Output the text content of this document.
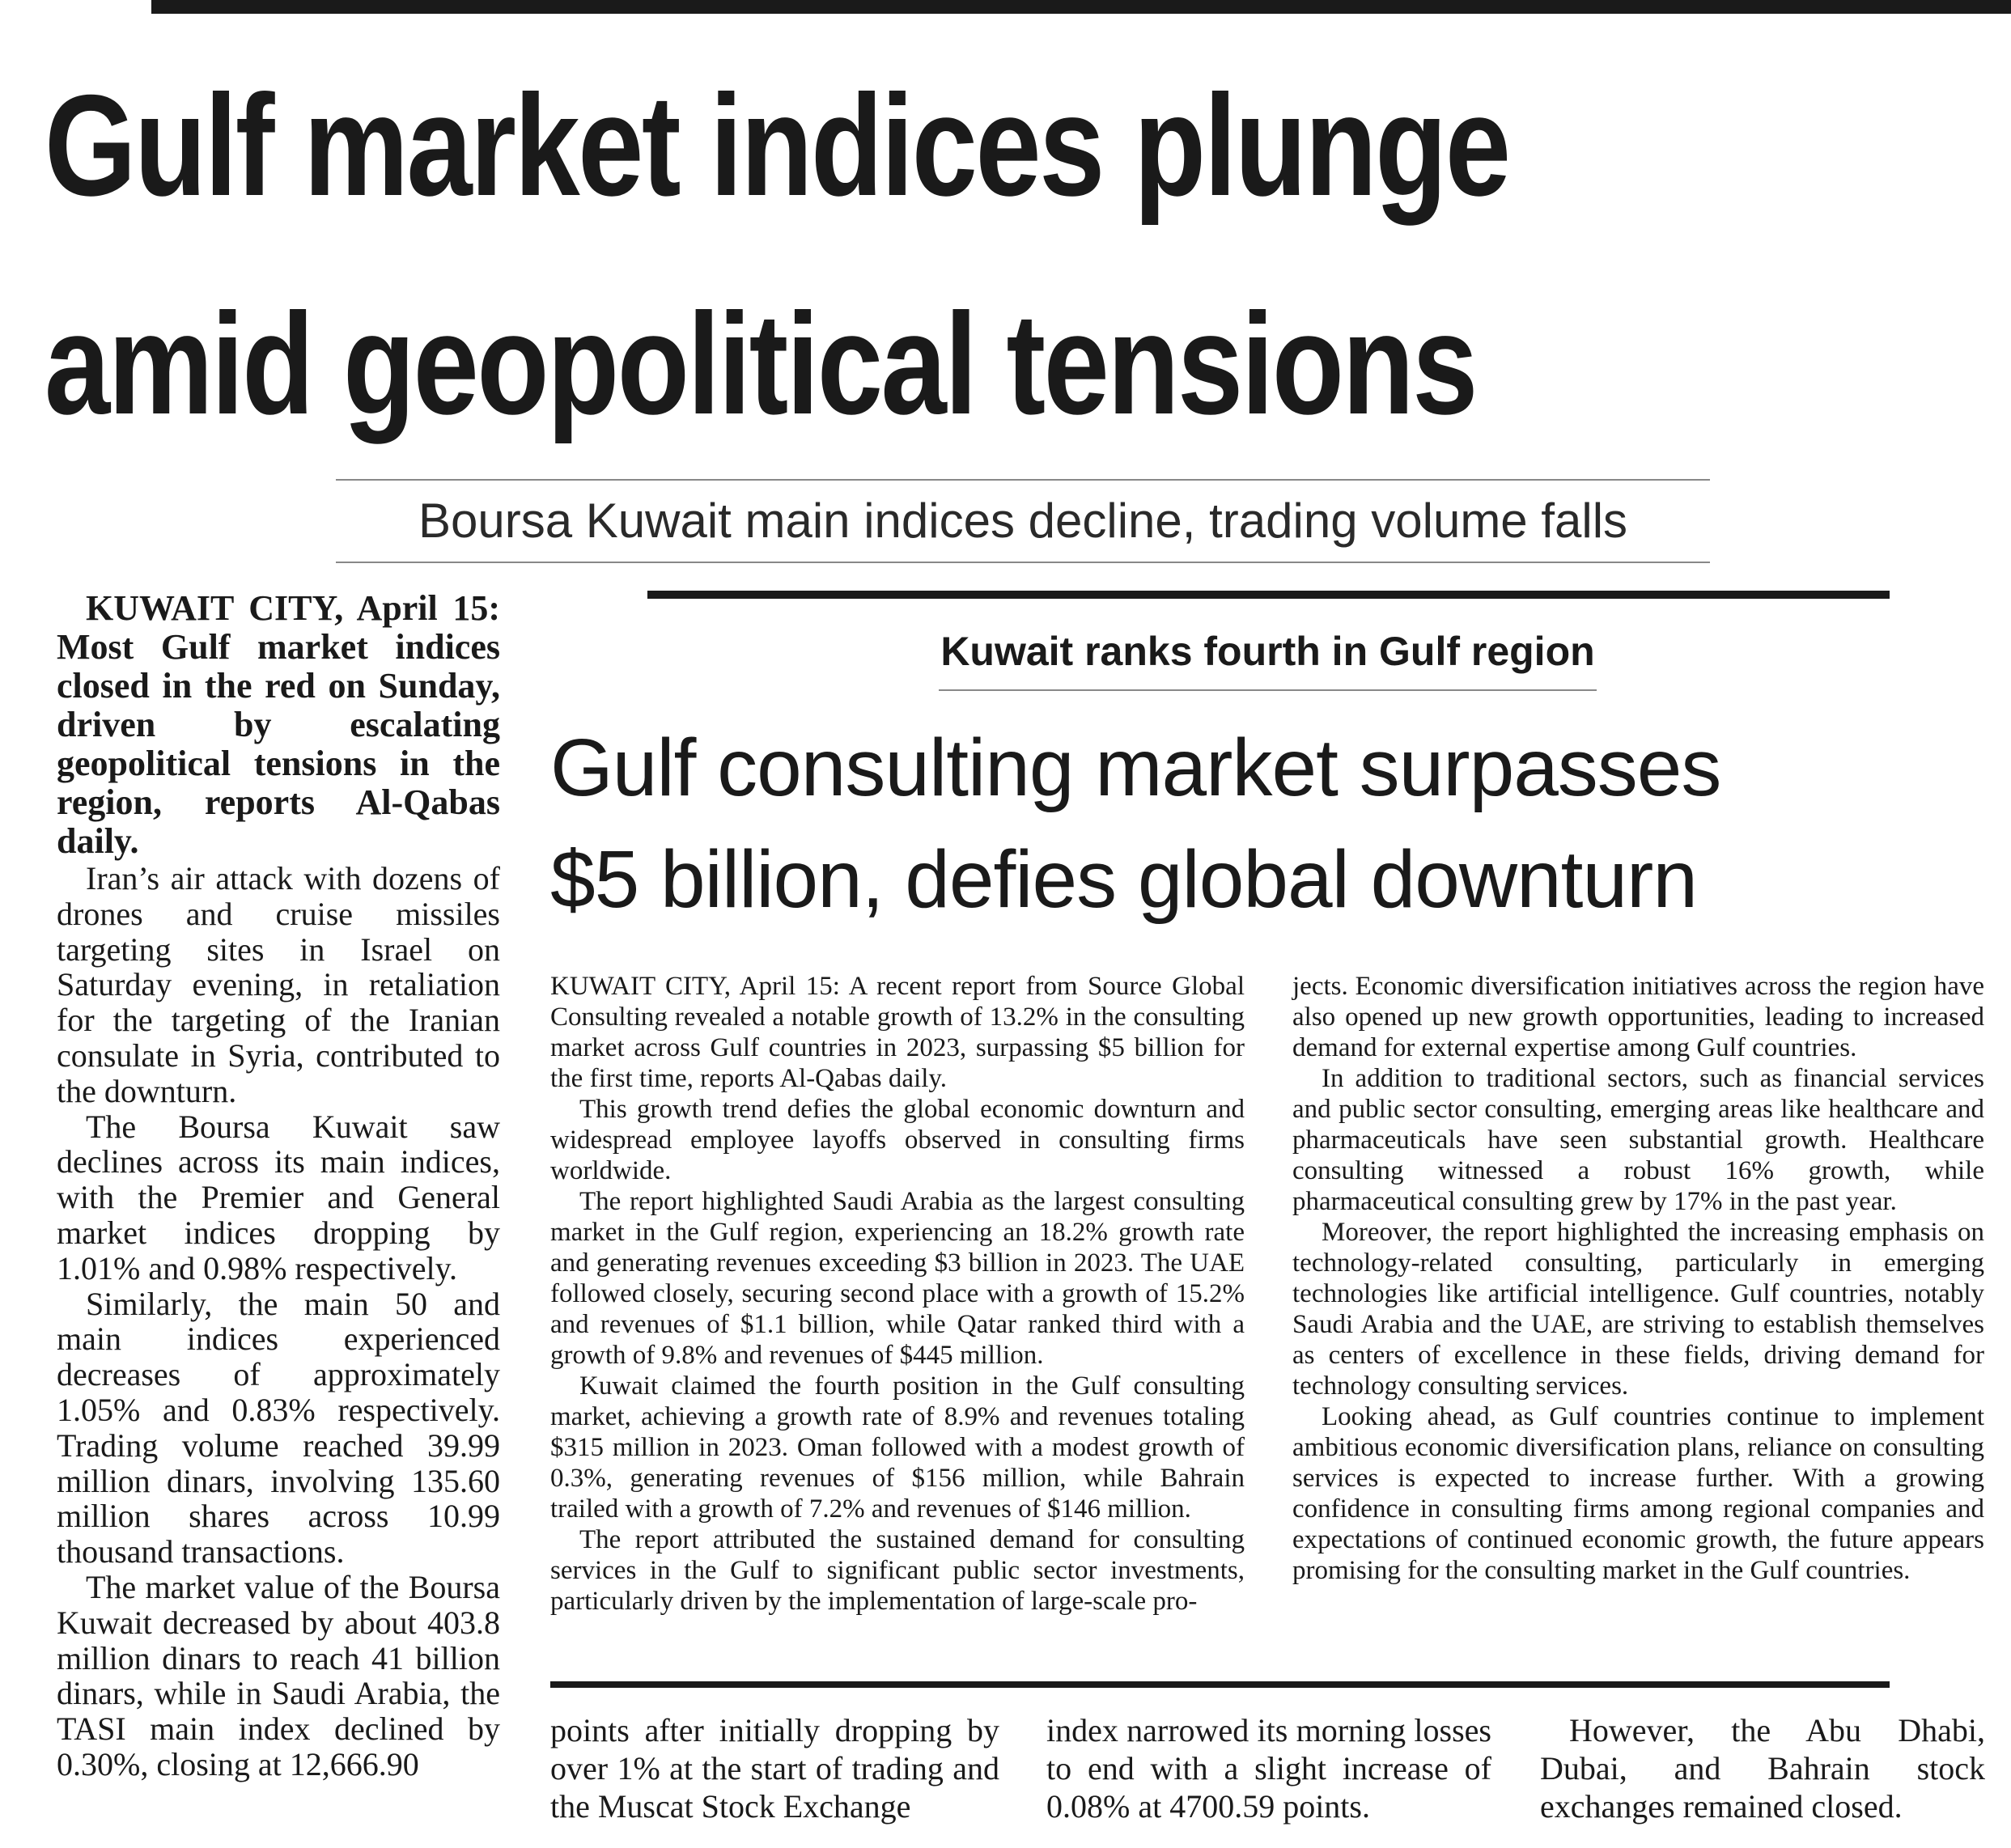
Gulf market indices plunge
amid geopolitical tensions
Boursa Kuwait main indices decline, trading volume falls

KUWAIT CITY, April 15: Most Gulf market indices closed in the red on Sunday, driven by escalating geopolitical tensions in the region, reports Al-Qabas daily.

Iran’s air attack with dozens of drones and cruise missiles targeting sites in Israel on Saturday evening, in retaliation for the targeting of the Iranian consulate in Syria, contributed to the downturn.

The Boursa Kuwait saw declines across its main indices, with the Premier and General market indices dropping by 1.01% and 0.98% respectively.

Similarly, the main 50 and main indices experienced decreases of approximately 1.05% and 0.83% respectively. Trading volume reached 39.99 million dinars, involving 135.60 million shares across 10.99 thousand transactions.

The market value of the Boursa Kuwait decreased by about 403.8 million dinars to reach 41 billion dinars, while in Saudi Arabia, the TASI main index declined by 0.30%, closing at 12,666.90

Kuwait ranks fourth in Gulf region
Gulf consulting market surpasses
$5 billion, defies global downturn

KUWAIT CITY, April 15: A recent report from Source Global Consulting revealed a notable growth of 13.2% in the consulting market across Gulf countries in 2023, surpassing $5 billion for the first time, reports Al-Qabas daily.

This growth trend defies the global economic downturn and widespread employee layoffs observed in consulting firms worldwide.

The report highlighted Saudi Arabia as the largest consulting market in the Gulf region, experiencing an 18.2% growth rate and generating revenues exceeding $3 billion in 2023. The UAE followed closely, securing second place with a growth of 15.2% and revenues of $1.1 billion, while Qatar ranked third with a growth of 9.8% and revenues of $445 million.

Kuwait claimed the fourth position in the Gulf consulting market, achieving a growth rate of 8.9% and revenues totaling $315 million in 2023. Oman followed with a modest growth of 0.3%, generating revenues of $156 million, while Bahrain trailed with a growth of 7.2% and revenues of $146 million.

The report attributed the sustained demand for consulting services in the Gulf to significant public sector investments, particularly driven by the implementation of large-scale pro-

jects. Economic diversification initiatives across the region have also opened up new growth opportunities, leading to increased demand for external expertise among Gulf countries.

In addition to traditional sectors, such as financial services and public sector consulting, emerging areas like healthcare and pharmaceuticals have seen substantial growth. Healthcare consulting witnessed a robust 16% growth, while pharmaceutical consulting grew by 17% in the past year.

Moreover, the report highlighted the increasing emphasis on technology-related consulting, particularly in emerging technologies like artificial intelligence. Gulf countries, notably Saudi Arabia and the UAE, are striving to establish themselves as centers of excellence in these fields, driving demand for technology consulting services.

Looking ahead, as Gulf countries continue to implement ambitious economic diversification plans, reliance on consulting services is expected to increase further. With a growing confidence in consulting firms among regional companies and expectations of continued economic growth, the future appears promising for the consulting market in the Gulf countries.

points after initially dropping by over 1% at the start of trading and the Muscat Stock Exchange

index narrowed its morning losses to end with a slight increase of 0.08% at 4700.59 points.

However, the Abu Dhabi, Dubai, and Bahrain stock exchanges remained closed.
